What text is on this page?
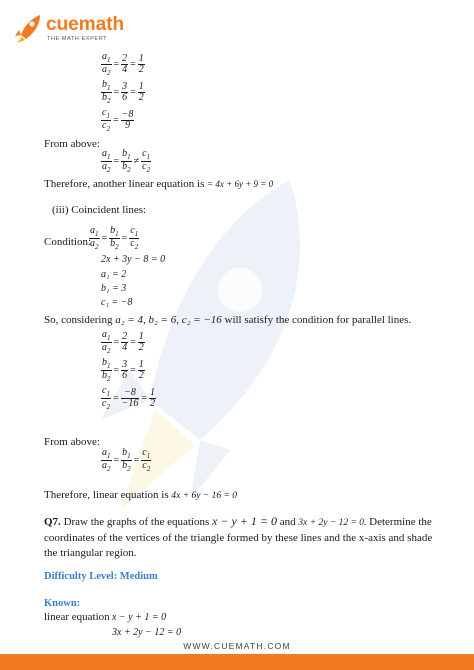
cuemath
THE MATH EXPERT
$\frac{a_1}{a_2} = \frac{2}{4} = \frac{1}{2}$
$\frac{b_1}{b_2} = \frac{3}{6} = \frac{1}{2}$
$\frac{c_1}{c_2} = \frac{-8}{9}$
From above:
$\frac{a_1}{a_2} = \frac{b_1}{b_2} \ne \frac{c_1}{c_2}$
Therefore, another linear equation is = 4x + 6y + 9 = 0
(iii) Coincident lines:
Condition:
$\frac{a_1}{a_2} = \frac{b_1}{b_2} = \frac{c_1}{c_2}$
2x + 3y − 8 = 0
a₁ = 2
b₁ = 3
c₁ = −8
So, considering a₂ = 4, b₂ = 6, c₂ = −16 will satisfy the condition for parallel lines.
$\frac{a_1}{a_2} = \frac{2}{4} = \frac{1}{2}$
$\frac{b_1}{b_2} = \frac{3}{6} = \frac{1}{2}$
$\frac{c_1}{c_2} = \frac{-8}{-16} = \frac{1}{2}$
From above:
$\frac{a_1}{a_2} = \frac{b_1}{b_2} = \frac{c_1}{c_2}$
Therefore, linear equation is 4x + 6y − 16 = 0
Q7. Draw the graphs of the equations x − y + 1 = 0 and 3x + 2y − 12 = 0. Determine the coordinates of the vertices of the triangle formed by these lines and the x-axis and shade the triangular region.
Difficulty Level: Medium
Known:
linear equation x − y + 1 = 0
3x + 2y − 12 = 0
WWW.CUEMATH.COM
